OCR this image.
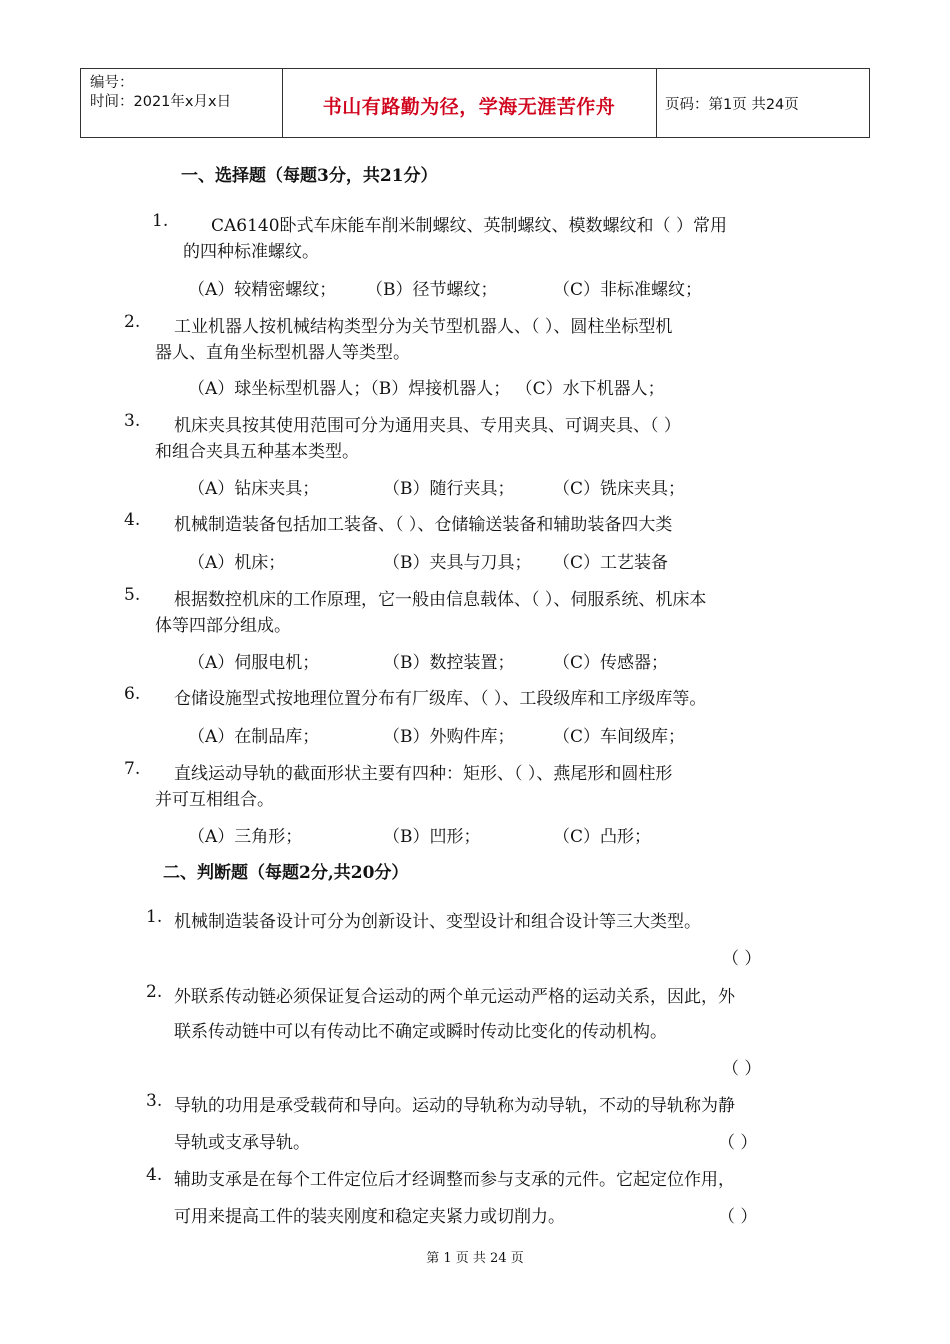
编号：
时间：2021年x月x日	书山有路勤为径，学海无涯苦作舟	页码：第1页 共24页
一、选择题（每题3分，共21分）
1.	CA6140卧式车床能车削米制螺纹、英制螺纹、模数螺纹和（ ）常用
的四种标准螺纹。
（A）较精密螺纹； （B）径节螺纹；	（C）非标准螺纹；
2. 工业机器人按机械结构类型分为关节型机器人、（ ）、圆柱坐标型机
器人、直角坐标型机器人等类型。
（A）球坐标型机器人；（B）焊接机器人； （C）水下机器人；
3. 机床夹具按其使用范围可分为通用夹具、专用夹具、可调夹具、（ ）
和组合夹具五种基本类型。
（A）钻床夹具；	（B）随行夹具； （C）铣床夹具；
4. 机械制造装备包括加工装备、（ ）、仓储输送装备和辅助装备四大类
（A）机床；	（B）夹具与刀具； （C）工艺装备
5. 根据数控机床的工作原理，它一般由信息载体、（ ）、伺服系统、机床本
体等四部分组成。
（A）伺服电机；	（B）数控装置； （C）传感器；
6. 仓储设施型式按地理位置分布有厂级库、（ ）、工段级库和工序级库等。
（A）在制品库；	（B）外购件库； （C）车间级库；
7. 直线运动导轨的截面形状主要有四种：矩形、（ ）、燕尾形和圆柱形
并可互相组合。
（A）三角形；	（B）凹形；	（C）凸形；
二、判断题（每题2分,共20分）
1. 机械制造装备设计可分为创新设计、变型设计和组合设计等三大类型。
（ ）
2. 外联系传动链必须保证复合运动的两个单元运动严格的运动关系，因此，外
联系传动链中可以有传动比不确定或瞬时传动比变化的传动机构。
（ ）
3. 导轨的功用是承受载荷和导向。运动的导轨称为动导轨，不动的导轨称为静
导轨或支承导轨。	（ ）
4. 辅助支承是在每个工件定位后才经调整而参与支承的元件。它起定位作用，
可用来提高工件的装夹刚度和稳定夹紧力或切削力。	（ ）
第 1 页 共 24 页
